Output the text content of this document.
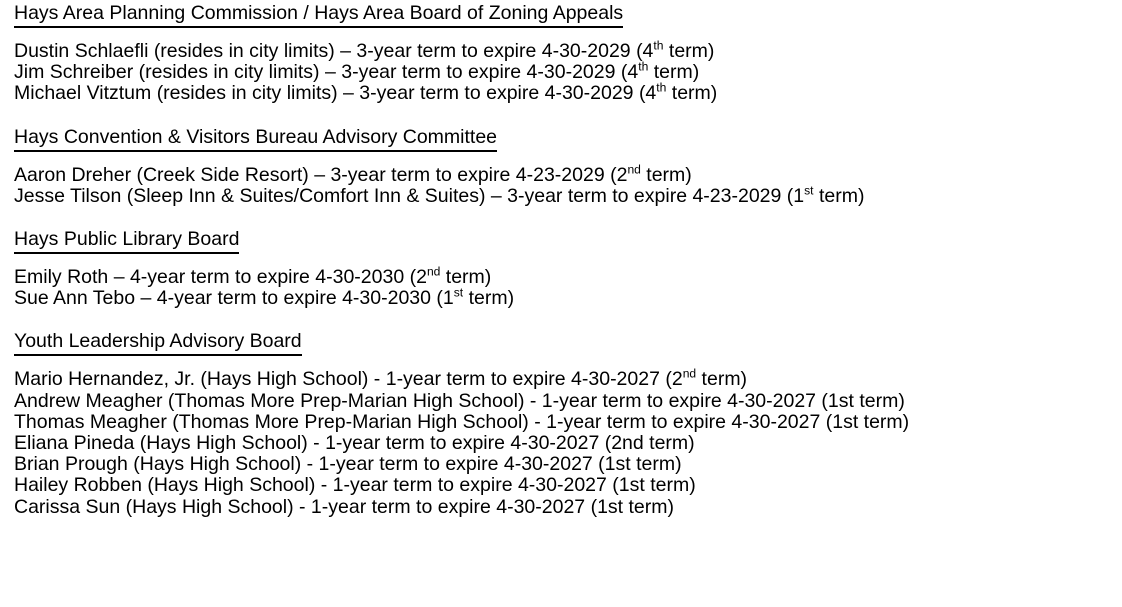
Hays Area Planning Commission / Hays Area Board of Zoning Appeals
Dustin Schlaefli (resides in city limits) – 3-year term to expire 4-30-2029 (4th term)
Jim Schreiber (resides in city limits) – 3-year term to expire 4-30-2029 (4th term)
Michael Vitztum (resides in city limits) – 3-year term to expire 4-30-2029 (4th term)
Hays Convention & Visitors Bureau Advisory Committee
Aaron Dreher (Creek Side Resort) – 3-year term to expire 4-23-2029 (2nd term)
Jesse Tilson (Sleep Inn & Suites/Comfort Inn & Suites) – 3-year term to expire 4-23-2029 (1st term)
Hays Public Library Board
Emily Roth – 4-year term to expire 4-30-2030 (2nd term)
Sue Ann Tebo – 4-year term to expire 4-30-2030 (1st term)
Youth Leadership Advisory Board
Mario Hernandez, Jr. (Hays High School) - 1-year term to expire 4-30-2027 (2nd term)
Andrew Meagher (Thomas More Prep-Marian High School) - 1-year term to expire 4-30-2027 (1st term)
Thomas Meagher (Thomas More Prep-Marian High School) - 1-year term to expire 4-30-2027 (1st term)
Eliana Pineda (Hays High School) - 1-year term to expire 4-30-2027 (2nd term)
Brian Prough (Hays High School) - 1-year term to expire 4-30-2027 (1st term)
Hailey Robben (Hays High School) - 1-year term to expire 4-30-2027 (1st term)
Carissa Sun (Hays High School) - 1-year term to expire 4-30-2027 (1st term)
